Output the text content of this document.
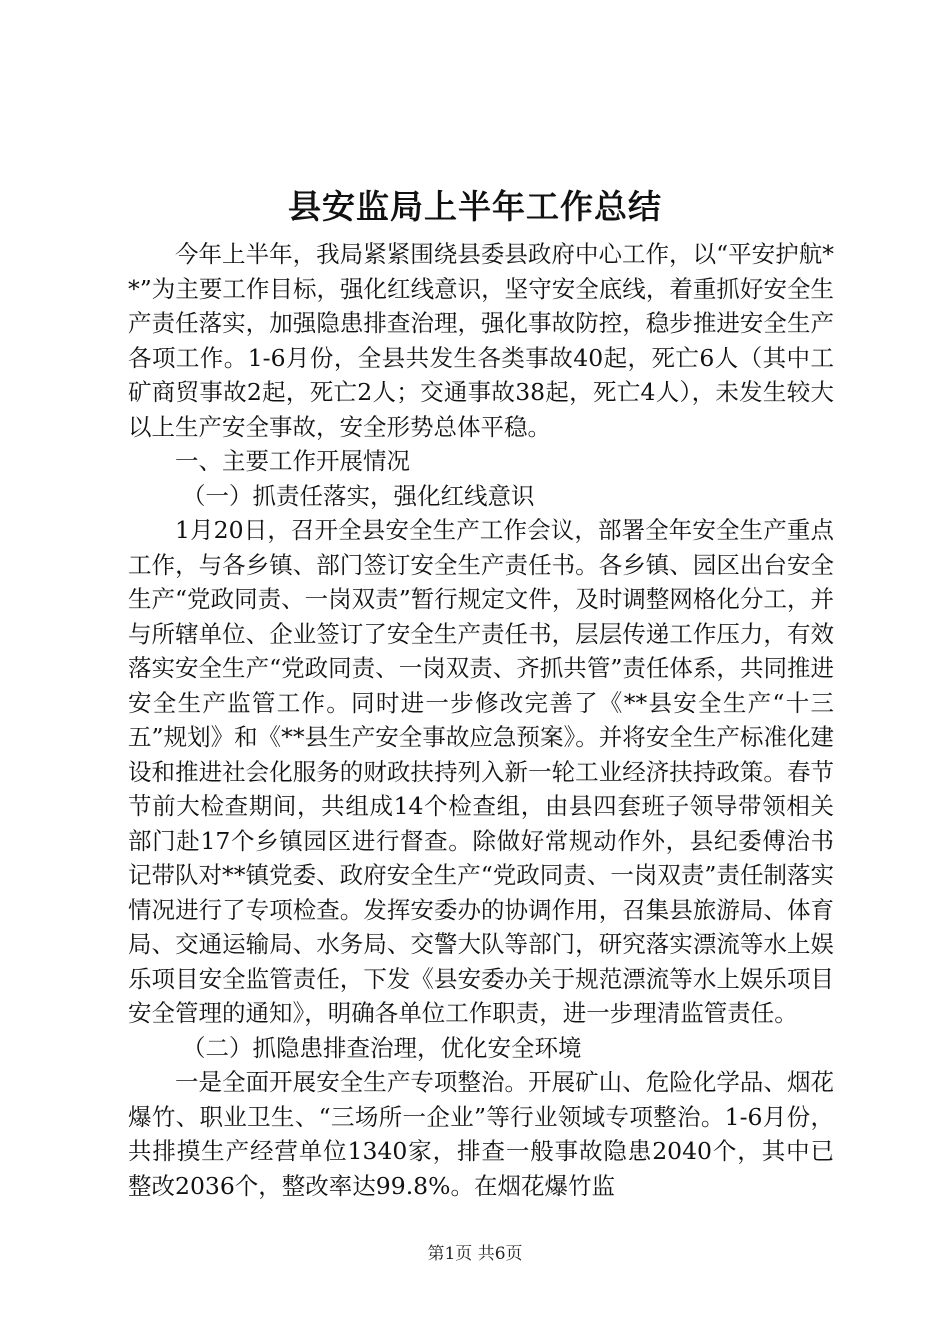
县安监局上半年工作总结

今年上半年，我局紧紧围绕县委县政府中心工作，以“平安护航**”为主要工作目标，强化红线意识，坚守安全底线，着重抓好安全生产责任落实，加强隐患排查治理，强化事故防控，稳步推进安全生产各项工作。1-6月份，全县共发生各类事故40起，死亡6人（其中工矿商贸事故2起，死亡2人；交通事故38起，死亡4人），未发生较大以上生产安全事故，安全形势总体平稳。

一、主要工作开展情况

（一）抓责任落实，强化红线意识

1月20日，召开全县安全生产工作会议，部署全年安全生产重点工作，与各乡镇、部门签订安全生产责任书。各乡镇、园区出台安全生产“党政同责、一岗双责”暂行规定文件，及时调整网格化分工，并与所辖单位、企业签订了安全生产责任书，层层传递工作压力，有效落实安全生产“党政同责、一岗双责、齐抓共管”责任体系，共同推进安全生产监管工作。同时进一步修改完善了《**县安全生产“十三五”规划》和《**县生产安全事故应急预案》。并将安全生产标准化建设和推进社会化服务的财政扶持列入新一轮工业经济扶持政策。春节节前大检查期间，共组成14个检查组，由县四套班子领导带领相关部门赴17个乡镇园区进行督查。除做好常规动作外，县纪委傅治书记带队对**镇党委、政府安全生产“党政同责、一岗双责”责任制落实情况进行了专项检查。发挥安委办的协调作用，召集县旅游局、体育局、交通运输局、水务局、交警大队等部门，研究落实漂流等水上娱乐项目安全监管责任，下发《县安委办关于规范漂流等水上娱乐项目安全管理的通知》，明确各单位工作职责，进一步理清监管责任。

（二）抓隐患排查治理，优化安全环境

一是全面开展安全生产专项整治。开展矿山、危险化学品、烟花爆竹、职业卫生、“三场所一企业”等行业领域专项整治。1-6月份，共排摸生产经营单位1340家，排查一般事故隐患2040个，其中已整改2036个，整改率达99.8%。在烟花爆竹监

第1页 共6页
